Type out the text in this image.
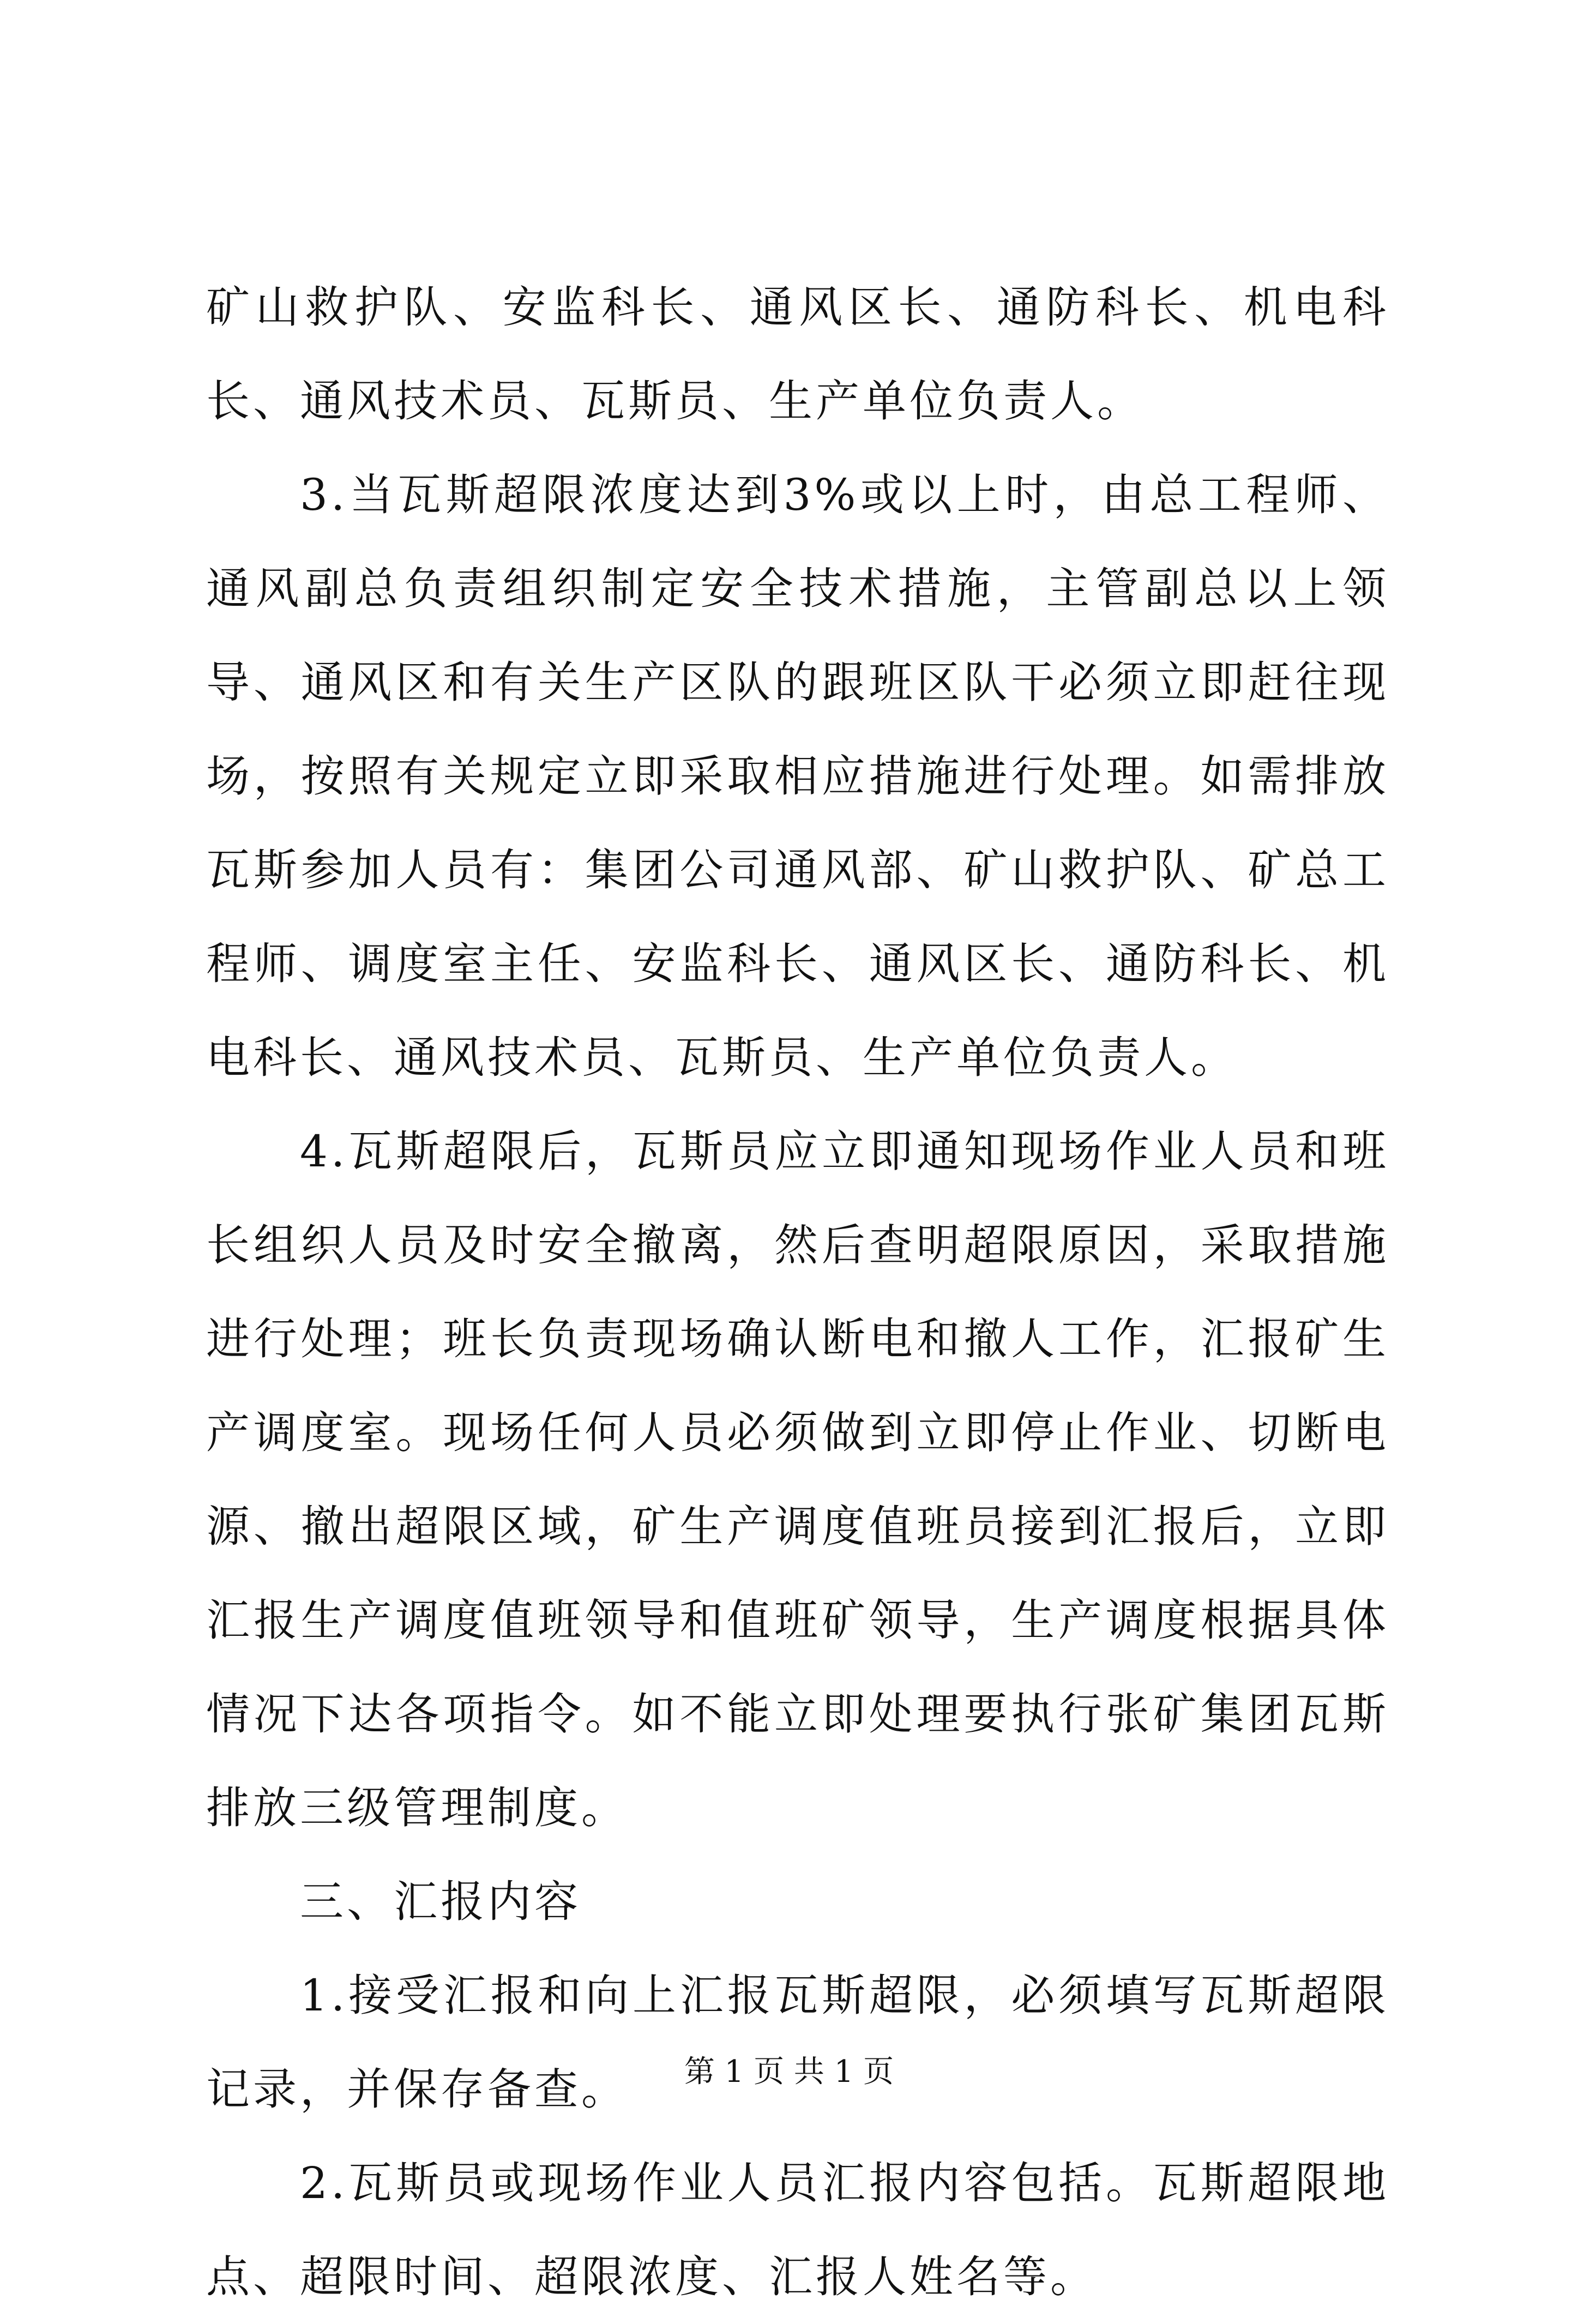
矿山救护队、安监科长、通风区长、通防科长、机电科长、通风技术员、瓦斯员、生产单位负责人。

3.当瓦斯超限浓度达到3%或以上时，由总工程师、通风副总负责组织制定安全技术措施，主管副总以上领导、通风区和有关生产区队的跟班区队干必须立即赶往现场，按照有关规定立即采取相应措施进行处理。如需排放瓦斯参加人员有：集团公司通风部、矿山救护队、矿总工程师、调度室主任、安监科长、通风区长、通防科长、机电科长、通风技术员、瓦斯员、生产单位负责人。

4.瓦斯超限后，瓦斯员应立即通知现场作业人员和班长组织人员及时安全撤离，然后查明超限原因，采取措施进行处理；班长负责现场确认断电和撤人工作，汇报矿生产调度室。现场任何人员必须做到立即停止作业、切断电源、撤出超限区域，矿生产调度值班员接到汇报后，立即汇报生产调度值班领导和值班矿领导，生产调度根据具体情况下达各项指令。如不能立即处理要执行张矿集团瓦斯排放三级管理制度。

三、汇报内容

1.接受汇报和向上汇报瓦斯超限，必须填写瓦斯超限记录，并保存备查。

2.瓦斯员或现场作业人员汇报内容包括。瓦斯超限地点、超限时间、超限浓度、汇报人姓名等。

第 1 页 共 1 页
